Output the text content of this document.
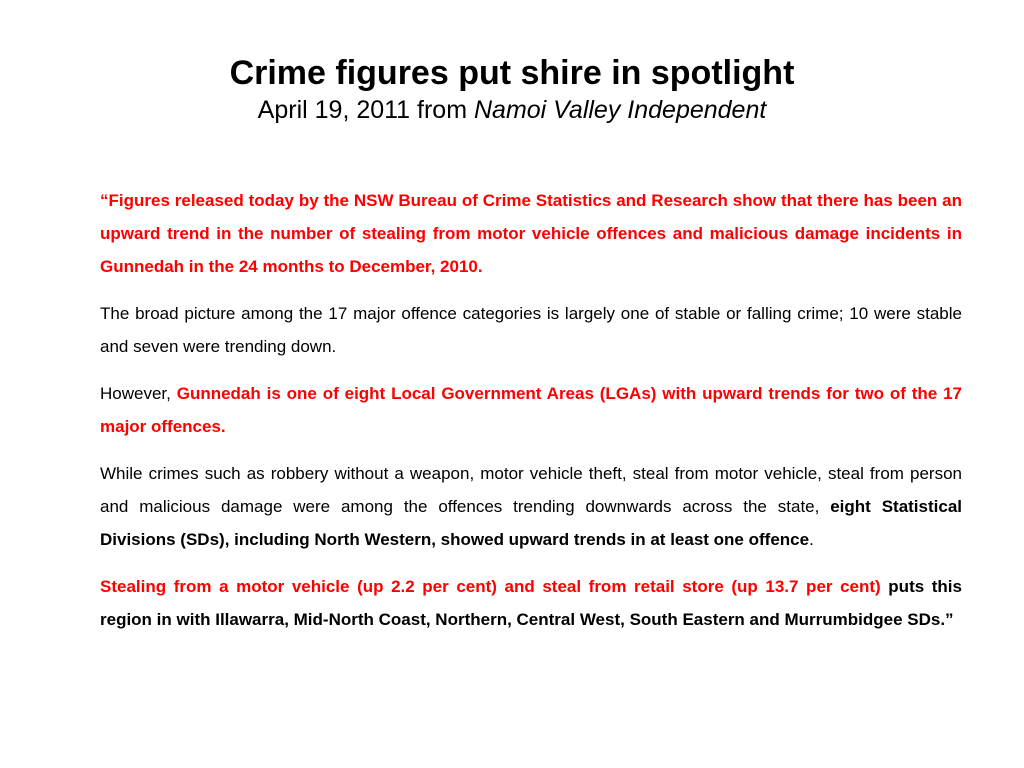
Crime figures put shire in spotlight
April 19, 2011 from Namoi Valley Independent

“Figures released today by the NSW Bureau of Crime Statistics and Research show that there has been an upward trend in the number of stealing from motor vehicle offences and malicious damage incidents in Gunnedah in the 24 months to December, 2010.

The broad picture among the 17 major offence categories is largely one of stable or falling crime; 10 were stable and seven were trending down.

However, Gunnedah is one of eight Local Government Areas (LGAs) with upward trends for two of the 17 major offences.

While crimes such as robbery without a weapon, motor vehicle theft, steal from motor vehicle, steal from person and malicious damage were among the offences trending downwards across the state, eight Statistical Divisions (SDs), including North Western, showed upward trends in at least one offence.

Stealing from a motor vehicle (up 2.2 per cent) and steal from retail store (up 13.7 per cent) puts this region in with Illawarra, Mid-North Coast, Northern, Central West, South Eastern and Murrumbidgee SDs.”
